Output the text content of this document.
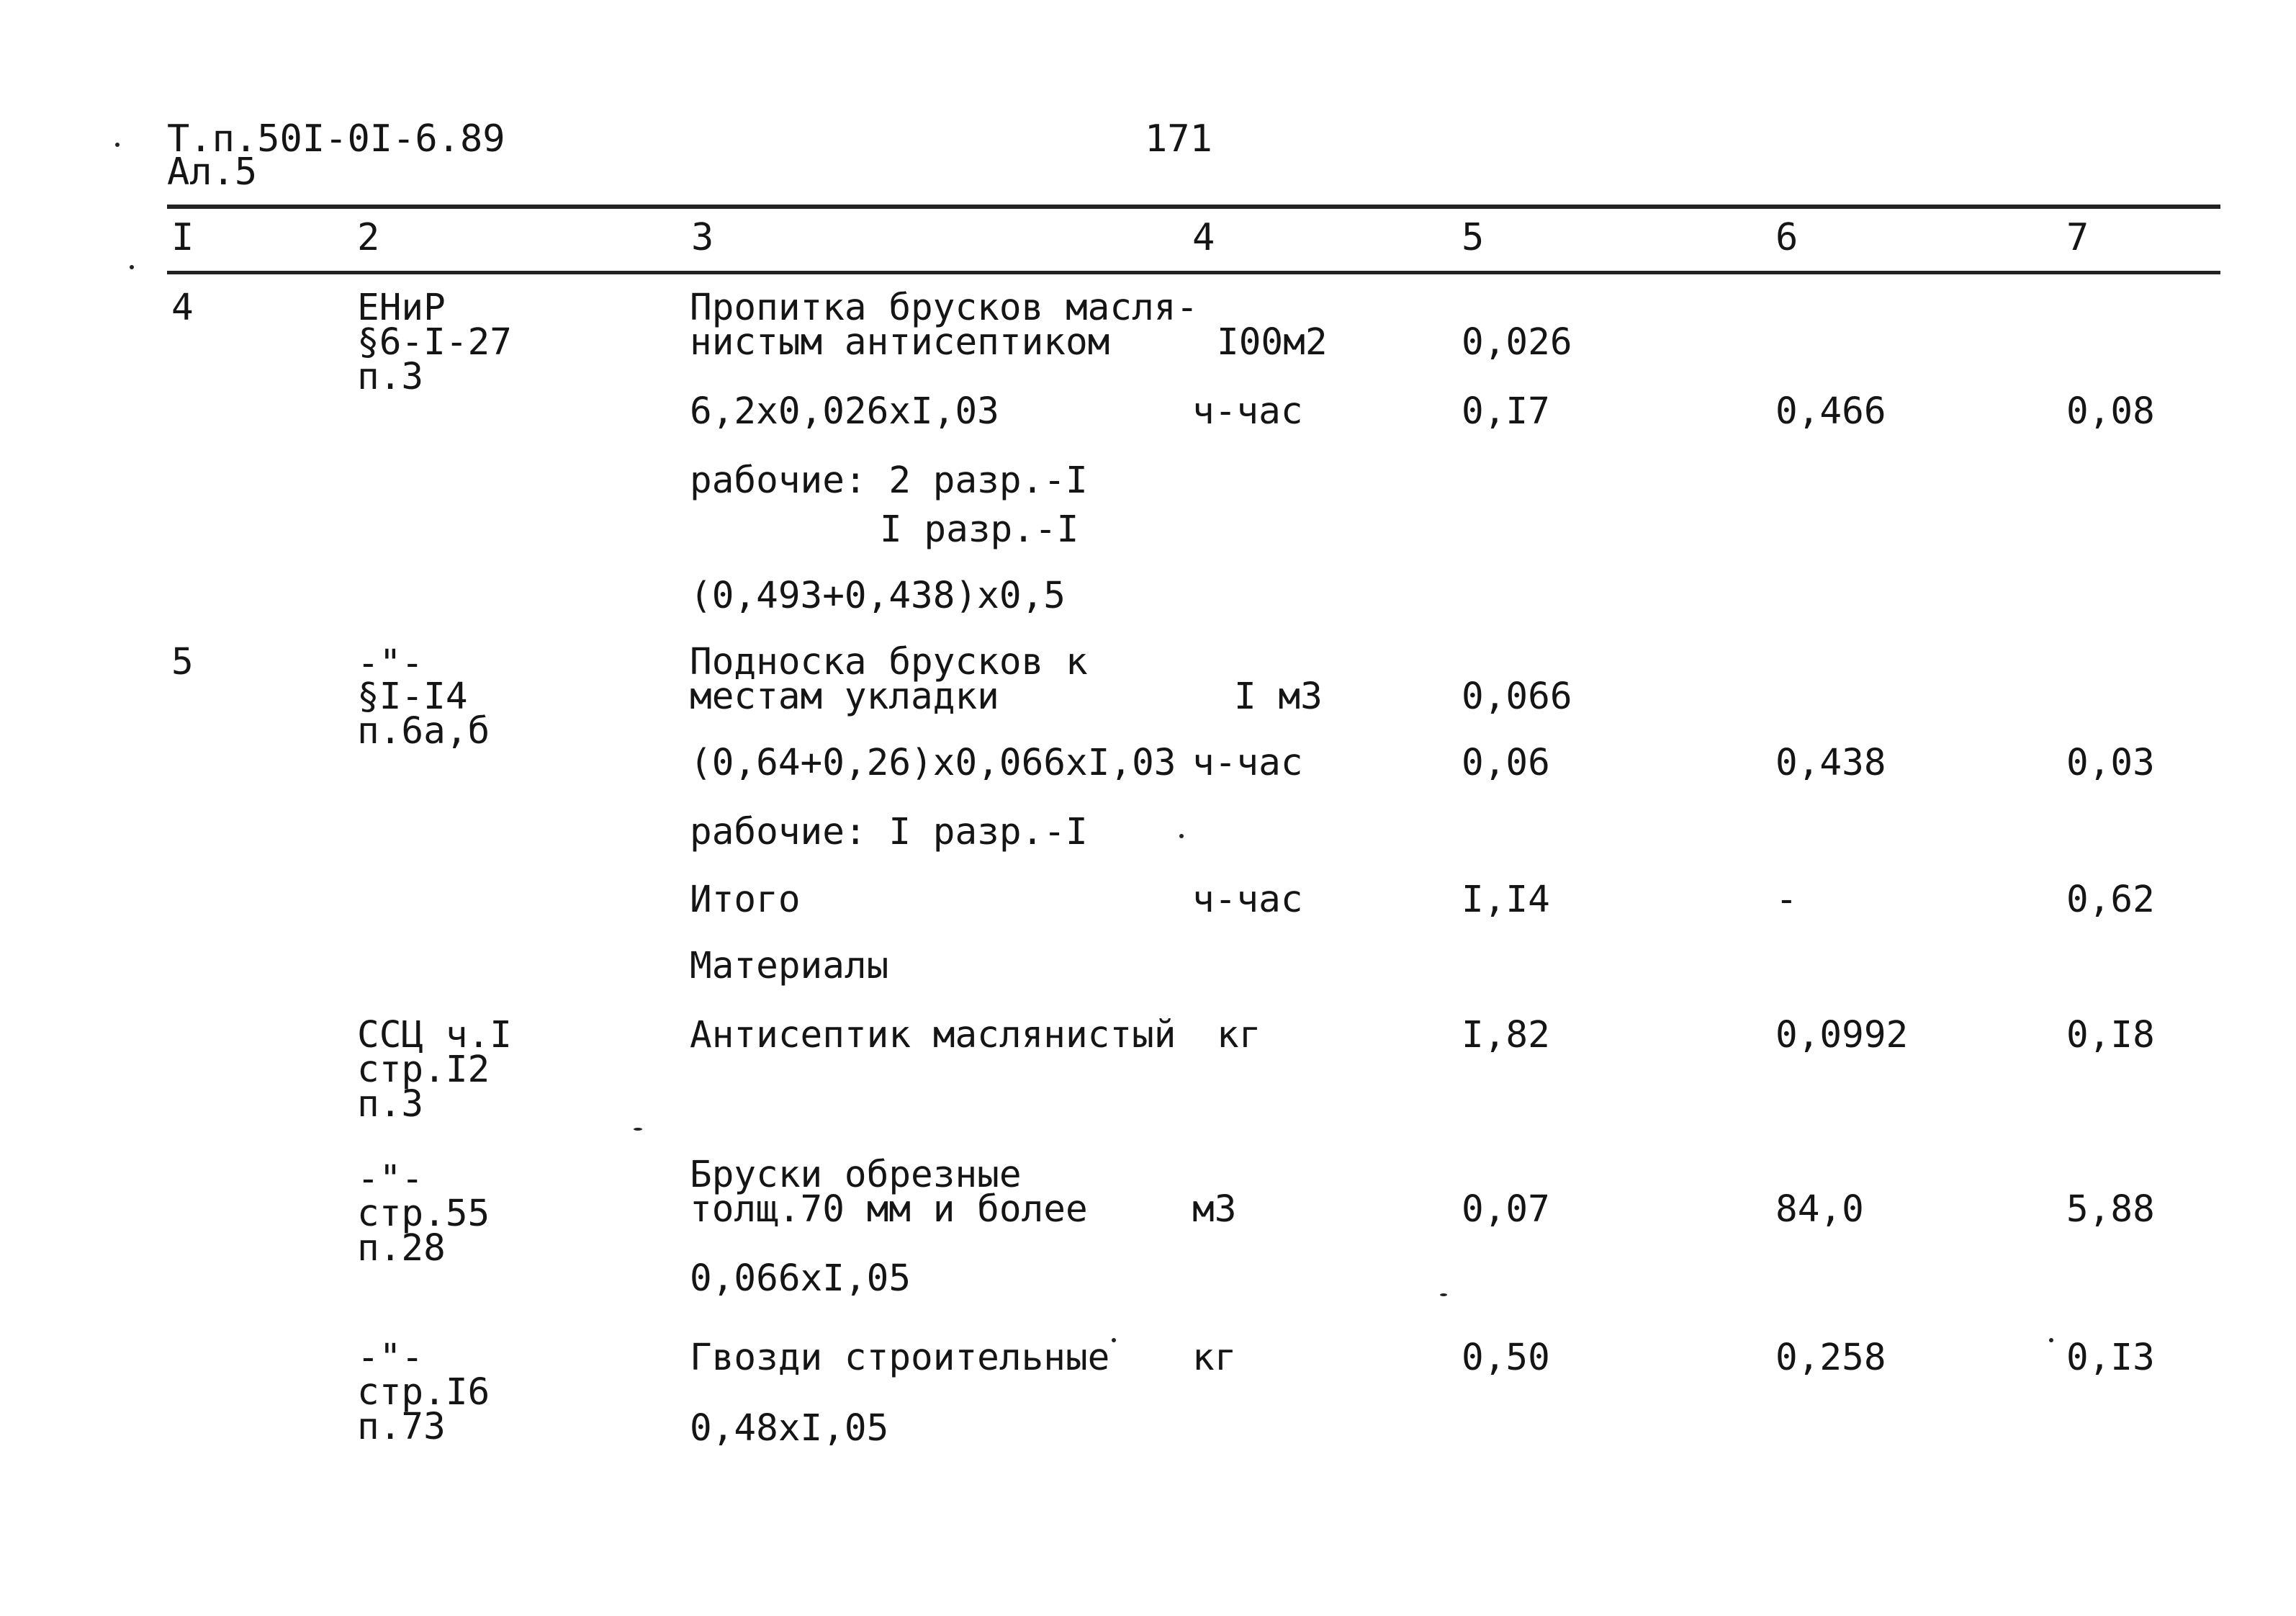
Т.п.50I-0I-6.89
Ал.5
171
I	2	3	4	5	6	7
4	ЕНиР
§6-I-27
п.3
Пропитка брусков масля-
нистым антисептиком	I00м2	0,026
6,2х0,026хI,03	ч-час	0,I7	0,466	0,08
рабочие: 2 разр.-I
I разр.-I
(0,493+0,438)х0,5
5	-"-
§I-I4
п.6а,б
Подноска брусков к
местам укладки	I м3	0,066
(0,64+0,26)х0,066хI,03 ч-час	0,06	0,438	0,03
рабочие: I разр.-I
Итого	ч-час	I,I4	-	0,62
Материалы
ССЦ ч.I
стр.I2
п.3
Антисептик маслянистый кг	I,82	0,0992	0,I8
-"-
стр.55
п.28
Бруски обрезные
толщ.70 мм и более	м3	0,07	84,0	5,88
0,066хI,05
-"-
стр.I6
п.73
Гвозди строительные кг	0,50	0,258	0,I3
0,48хI,05
